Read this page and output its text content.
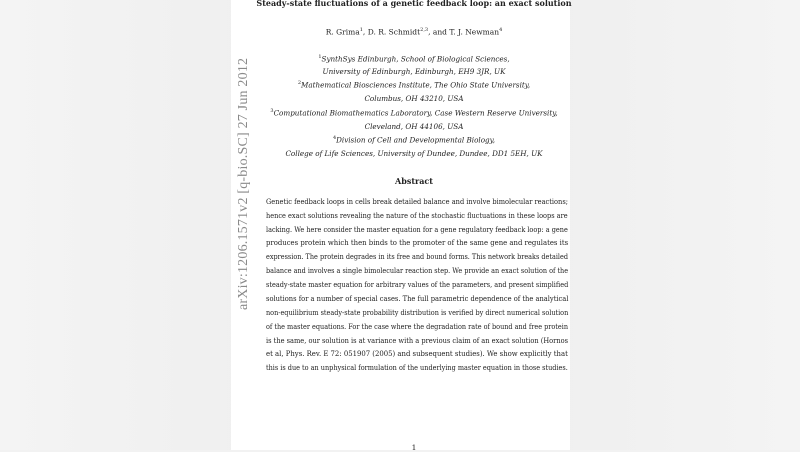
arXiv:1206.1571v2 [q-bio.SC] 27 Jun 2012
Steady-state fluctuations of a genetic feedback loop: an exact solution
R. Grima$^1$, D. R. Schmidt$^{2,3}$, and T. J. Newman$^4$
$^1$SynthSys Edinburgh, School of Biological Sciences,
University of Edinburgh, Edinburgh, EH9 3JR, UK
$^2$Mathematical Biosciences Institute, The Ohio State University,
Columbus, OH 43210, USA
$^3$Computational Biomathematics Laboratory, Case Western Reserve University,
Cleveland, OH 44106, USA
$^4$Division of Cell and Developmental Biology,
College of Life Sciences, University of Dundee, Dundee, DD1 5EH, UK
Abstract
Genetic feedback loops in cells break detailed balance and involve bimolecular reactions;
hence exact solutions revealing the nature of the stochastic fluctuations in these loops are
lacking. We here consider the master equation for a gene regulatory feedback loop: a gene
produces protein which then binds to the promoter of the same gene and regulates its
expression. The protein degrades in its free and bound forms. This network breaks detailed
balance and involves a single bimolecular reaction step. We provide an exact solution of the
steady-state master equation for arbitrary values of the parameters, and present simplified
solutions for a number of special cases. The full parametric dependence of the analytical
non-equilibrium steady-state probability distribution is verified by direct numerical solution
of the master equations. For the case where the degradation rate of bound and free protein
is the same, our solution is at variance with a previous claim of an exact solution (Hornos
et al, Phys. Rev. E 72: 051907 (2005) and subsequent studies). We show explicitly that
this is due to an unphysical formulation of the underlying master equation in those studies.
1
